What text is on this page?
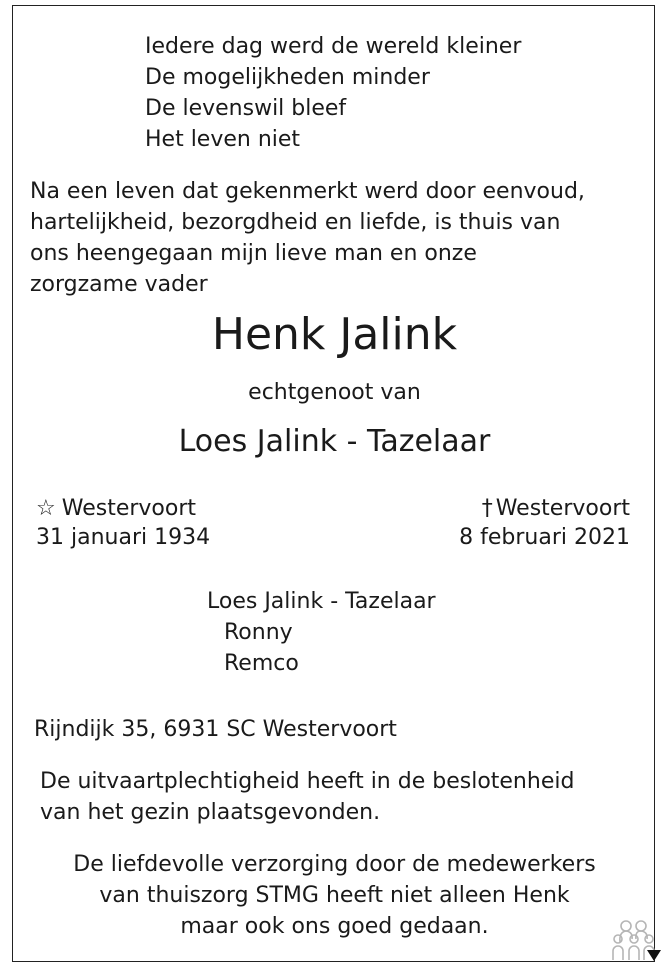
Iedere dag werd de wereld kleiner
De mogelijkheden minder
De levenswil bleef
Het leven niet
Na een leven dat gekenmerkt werd door eenvoud,
hartelijkheid, bezorgdheid en liefde, is thuis van
ons heengegaan mijn lieve man en onze
zorgzame vader
Henk Jalink
echtgenoot van
Loes Jalink - Tazelaar
☆ Westervoort
31 januari 1934
† Westervoort
8 februari 2021
Loes Jalink - Tazelaar
Ronny
Remco
Rijndijk 35, 6931 SC Westervoort
De uitvaartplechtigheid heeft in de beslotenheid
van het gezin plaatsgevonden.
De liefdevolle verzorging door de medewerkers
van thuiszorg STMG heeft niet alleen Henk
maar ook ons goed gedaan.
